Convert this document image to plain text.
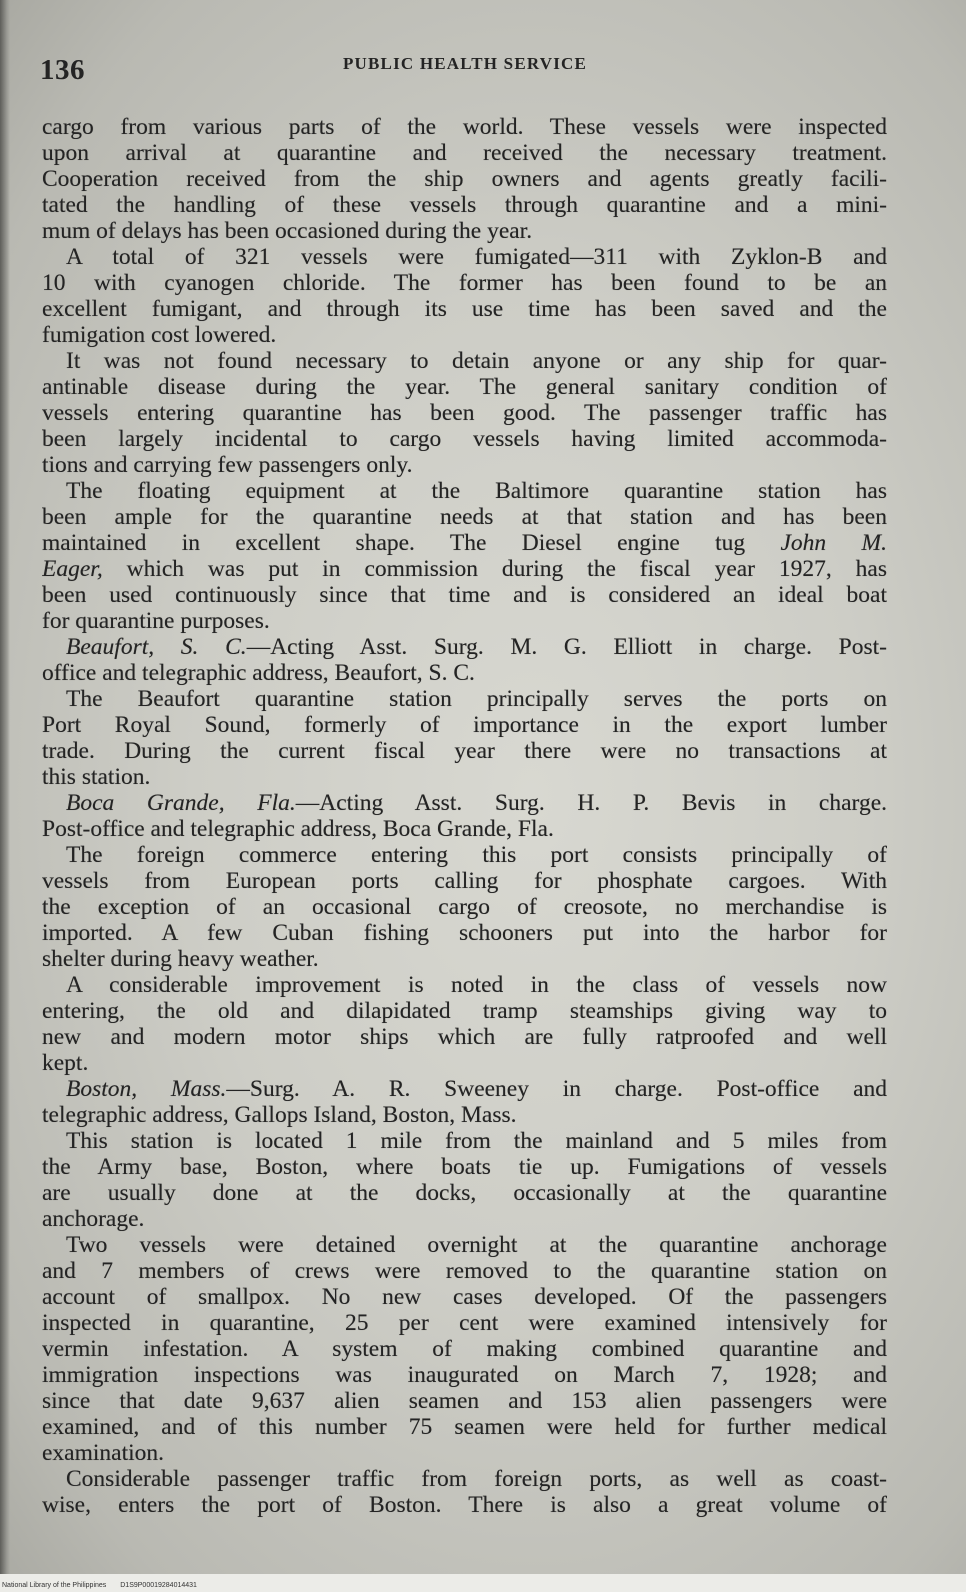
136	PUBLIC HEALTH SERVICE
cargo from various parts of the world. These vessels were inspected
upon arrival at quarantine and received the necessary treatment.
Cooperation received from the ship owners and agents greatly facili-
tated the handling of these vessels through quarantine and a mini-
mum of delays has been occasioned during the year.
A total of 321 vessels were fumigated—311 with Zyklon-B and
10 with cyanogen chloride. The former has been found to be an
excellent fumigant, and through its use time has been saved and the
fumigation cost lowered.
It was not found necessary to detain anyone or any ship for quar-
antinable disease during the year. The general sanitary condition of
vessels entering quarantine has been good. The passenger traffic has
been largely incidental to cargo vessels having limited accommoda-
tions and carrying few passengers only.
The floating equipment at the Baltimore quarantine station has
been ample for the quarantine needs at that station and has been
maintained in excellent shape. The Diesel engine tug John M.
Eager, which was put in commission during the fiscal year 1927, has
been used continuously since that time and is considered an ideal boat
for quarantine purposes.
Beaufort, S. C.—Acting Asst. Surg. M. G. Elliott in charge. Post-
office and telegraphic address, Beaufort, S. C.
The Beaufort quarantine station principally serves the ports on
Port Royal Sound, formerly of importance in the export lumber
trade. During the current fiscal year there were no transactions at
this station.
Boca Grande, Fla.—Acting Asst. Surg. H. P. Bevis in charge.
Post-office and telegraphic address, Boca Grande, Fla.
The foreign commerce entering this port consists principally of
vessels from European ports calling for phosphate cargoes. With
the exception of an occasional cargo of creosote, no merchandise is
imported. A few Cuban fishing schooners put into the harbor for
shelter during heavy weather.
A considerable improvement is noted in the class of vessels now
entering, the old and dilapidated tramp steamships giving way to
new and modern motor ships which are fully ratproofed and well
kept.
Boston, Mass.—Surg. A. R. Sweeney in charge. Post-office and
telegraphic address, Gallops Island, Boston, Mass.
This station is located 1 mile from the mainland and 5 miles from
the Army base, Boston, where boats tie up. Fumigations of vessels
are usually done at the docks, occasionally at the quarantine
anchorage.
Two vessels were detained overnight at the quarantine anchorage
and 7 members of crews were removed to the quarantine station on
account of smallpox. No new cases developed. Of the passengers
inspected in quarantine, 25 per cent were examined intensively for
vermin infestation. A system of making combined quarantine and
immigration inspections was inaugurated on March 7, 1928; and
since that date 9,637 alien seamen and 153 alien passengers were
examined, and of this number 75 seamen were held for further medical
examination.
Considerable passenger traffic from foreign ports, as well as coast-
wise, enters the port of Boston. There is also a great volume of
National Library of the Philippines D1S9P00019284014431
